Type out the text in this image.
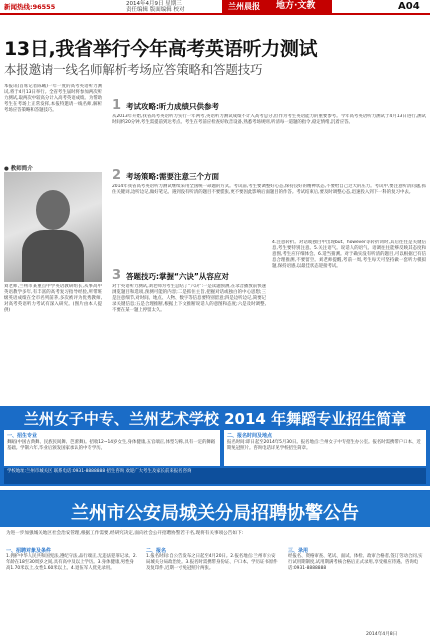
新闻热线:96555	2014年4月9日 星期三
责任编辑 版面编辑 校对	兰州晨报	地方·文教	A04
13日,我省举行今年高考英语听力测试
本报邀请一线名师解析考场应答策略和答题技巧
本报讯(首席记者陈曦)一年一度的高考英语听力测试,将于4月13日举行。全省考生届时将参加两次听力测试,取两次中较高分计入高考英语成绩。为帮助考生在考场上正常发挥,本报特邀请一线名师,解析考场应答策略和答题技巧。
● 教师简介
刘老师,兰州市某重点中学英语教研组长,从事高中英语教学多年,有丰富的高考复习指导经验,所带班级英语成绩在全市名列前茅,多次被评为优秀教师,对高考英语听力考试有深入研究。(图片由本人提供)
1 考试攻略:听力成绩只供参考
从2013年开始,我省高考英语听力实行一年两考,英语听力测试成绩不计入高考总分,但作为考生英语能力的重要参考。今年高考英语听力测试于4月13日进行,测试时间约20分钟,考生需提前到达考点。考生在考前应检查好收音设备,熟悉考场规则,听清每一道题的指令,稳定情绪,沉着应答。
2 考场策略:需要注意三个方面
2014年我省高考英语听力测试继续采用全国统一命题的方式。考试前,考生要调整好心态,保持良好的精神状态,不要给自己过大的压力。考试中,要注意听清问题,抓住关键词,边听边记,做好笔记。遇到没有听清的题目不要慌张,更不要因此影响后面题目的作答。考试结束后,要及时调整心态,迅速投入到下一科的复习中去。
3 答题技巧:掌握“六诀”从容应对
对于英语听力测试,刘老师为考生总结了“六诀”:一是读题预测,在录音播放前快速浏览题目和选项,预测可能的内容;二是抓住主旨,把握对话或独白的中心思想;三是注意细节,对时间、地点、人物、数字等信息要特别留意;四是边听边记,简要记录关键信息;五是合理推断,根据上下文推断说话人的意图和态度;六是及时调整,不要在某一题上停留太久。
4.注意转折。对话或独白中出现but、however等转折词时,其后往往是关键信息,考生要特别注意。5.关注语气。说话人的语气、语调往往能够反映其态度和意图,考生应仔细体会。6.适当猜测。对于确实没有听清的题目,可以根据已有信息合理推测,不要留空。刘老师提醒,考前一周,考生每天可坚持做一套听力模拟题,保持语感,以最佳状态迎接考试。
兰州女子中专、兰州艺术学校 2014 年舞蹈专业招生简章
一、招生专业
舞蹈(中国古典舞、民族民间舞、芭蕾舞)。招收12~14岁女生,身体健康,五官端正,体型匀称,具有一定的舞蹈基础。学制六年,毕业后颁发国家承认的中专学历。
二、报名时间及地点
报名时间:即日起至2014年5月30日。报名地点:兰州女子中专招生办公室。报名时需携带户口本、近期免冠照片。咨询电话详见学校招生简章。
学校地址:兰州市城关区 联系电话:0931-8888888 招生咨询 欢迎广大考生及家长前来报名咨询
兰州市公安局城关分局招聘协警公告
为进一步加强城关地区社会治安管理,根据工作需要,经研究决定,面向社会公开招聘协警若干名,现将有关事项公告如下:
一、招聘对象及条件
1.拥护中华人民共和国宪法,遵纪守法,品行端正,无违法犯罪记录。2.年龄在18至30周岁之间,具有高中及以上学历。3.身体健康,男性身高1.70米以上,女性1.60米以上。4.退伍军人优先录用。
二、报名
1.报名时间:自公告发布之日起至4月20日。2.报名地点:兰州市公安局城关分局政治处。3.报名时需携带身份证、户口本、学历证书原件及复印件,近期一寸免冠照片两张。
三、录用
经报名、资格审查、笔试、面试、体检、政审合格者,签订劳动合同,实行试用期制度,试用期满考核合格后正式录用,享受相应待遇。咨询电话:0931-8888888
2014年4月8日
